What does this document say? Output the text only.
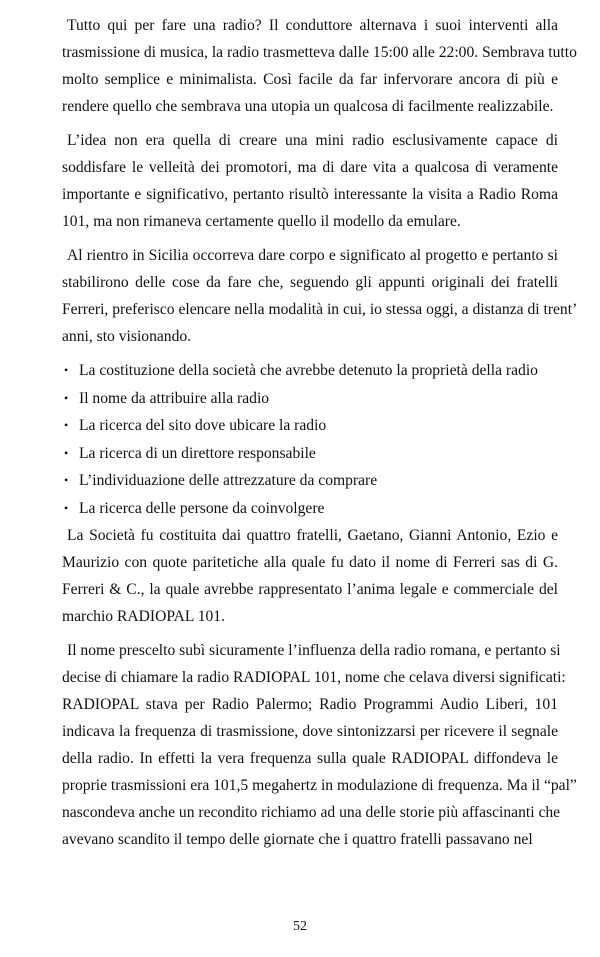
Tutto qui per fare una radio? Il conduttore alternava i suoi interventi alla
trasmissione di musica, la radio trasmetteva dalle 15:00 alle 22:00. Sembrava tutto
molto semplice e minimalista. Così facile da far infervorare ancora di più e
rendere quello che sembrava una utopia un qualcosa di facilmente realizzabile.
L’idea non era quella di creare una mini radio esclusivamente capace di
soddisfare le velleità dei promotori, ma di dare vita a qualcosa di veramente
importante e significativo, pertanto risultò interessante la visita a Radio Roma
101, ma non rimaneva certamente quello il modello da emulare.
Al rientro in Sicilia occorreva dare corpo e significato al progetto e pertanto si
stabilirono delle cose da fare che, seguendo gli appunti originali dei fratelli
Ferreri, preferisco elencare nella modalità in cui, io stessa oggi, a distanza di trent’
anni, sto visionando.
• La costituzione della società che avrebbe detenuto la proprietà della radio
• Il nome da attribuire alla radio
• La ricerca del sito dove ubicare la radio
• La ricerca di un direttore responsabile
• L’individuazione delle attrezzature da comprare
• La ricerca delle persone da coinvolgere
La Società fu costituita dai quattro fratelli, Gaetano, Gianni Antonio, Ezio e
Maurizio con quote paritetiche alla quale fu dato il nome di Ferreri sas di G.
Ferreri & C., la quale avrebbe rappresentato l’anima legale e commerciale del
marchio RADIOPAL 101.
Il nome prescelto subì sicuramente l’influenza della radio romana, e pertanto si
decise di chiamare la radio RADIOPAL 101, nome che celava diversi significati:
RADIOPAL stava per Radio Palermo; Radio Programmi Audio Liberi, 101
indicava la frequenza di trasmissione, dove sintonizzarsi per ricevere il segnale
della radio. In effetti la vera frequenza sulla quale RADIOPAL diffondeva le
proprie trasmissioni era 101,5 megahertz in modulazione di frequenza. Ma il “pal”
nascondeva anche un recondito richiamo ad una delle storie più affascinanti che
avevano scandito il tempo delle giornate che i quattro fratelli passavano nel
52
